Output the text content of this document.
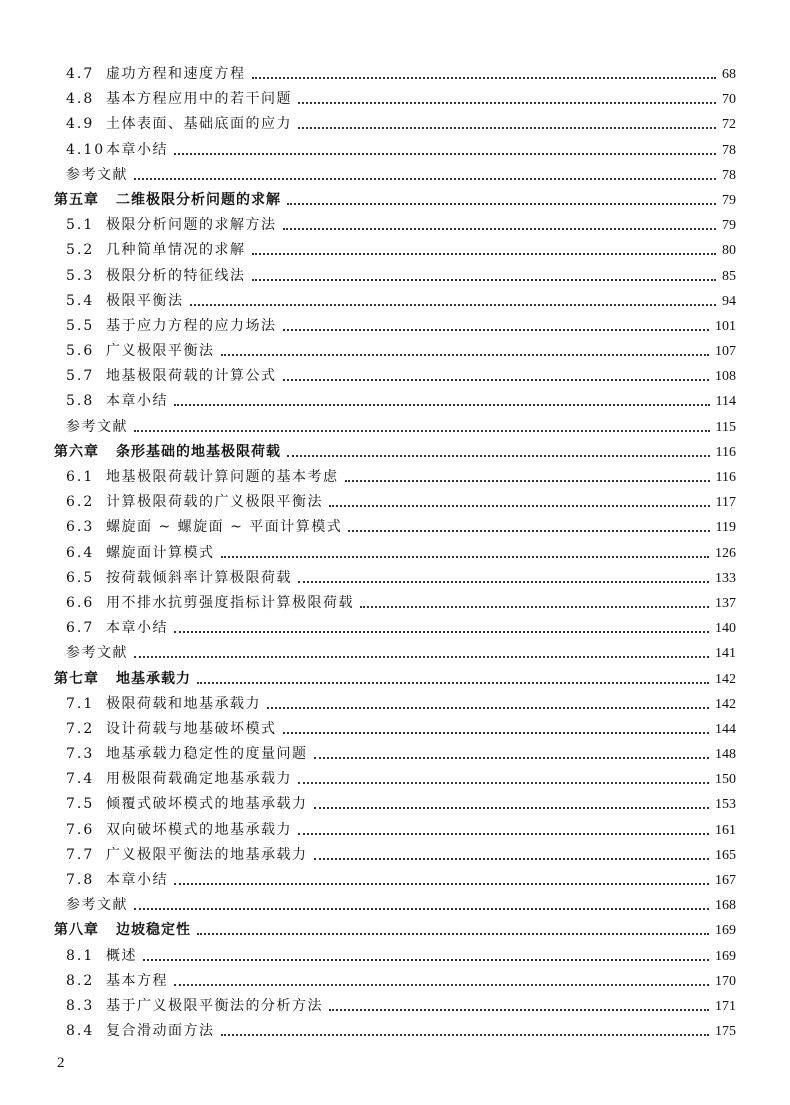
4.7 虚功方程和速度方程	68
4.8 基本方程应用中的若干问题	70
4.9 土体表面、基础底面的应力	72
4.10 本章小结	78
参考文献	78
第五章	二维极限分析问题的求解	79
5.1 极限分析问题的求解方法	79
5.2 几种简单情况的求解	80
5.3 极限分析的特征线法	85
5.4 极限平衡法	94
5.5 基于应力方程的应力场法	101
5.6 广义极限平衡法	107
5.7 地基极限荷载的计算公式	108
5.8 本章小结	114
参考文献	115
第六章	条形基础的地基极限荷载	116
6.1 地基极限荷载计算问题的基本考虑	116
6.2 计算极限荷载的广义极限平衡法	117
6.3 螺旋面 ~ 螺旋面 ~ 平面计算模式	119
6.4 螺旋面计算模式	126
6.5 按荷载倾斜率计算极限荷载	133
6.6 用不排水抗剪强度指标计算极限荷载	137
6.7 本章小结	140
参考文献	141
第七章	地基承载力	142
7.1 极限荷载和地基承载力	142
7.2 设计荷载与地基破坏模式	144
7.3 地基承载力稳定性的度量问题	148
7.4 用极限荷载确定地基承载力	150
7.5 倾覆式破坏模式的地基承载力	153
7.6 双向破坏模式的地基承载力	161
7.7 广义极限平衡法的地基承载力	165
7.8 本章小结	167
参考文献	168
第八章	边坡稳定性	169
8.1 概述	169
8.2 基本方程	170
8.3 基于广义极限平衡法的分析方法	171
8.4 复合滑动面方法	175
2
